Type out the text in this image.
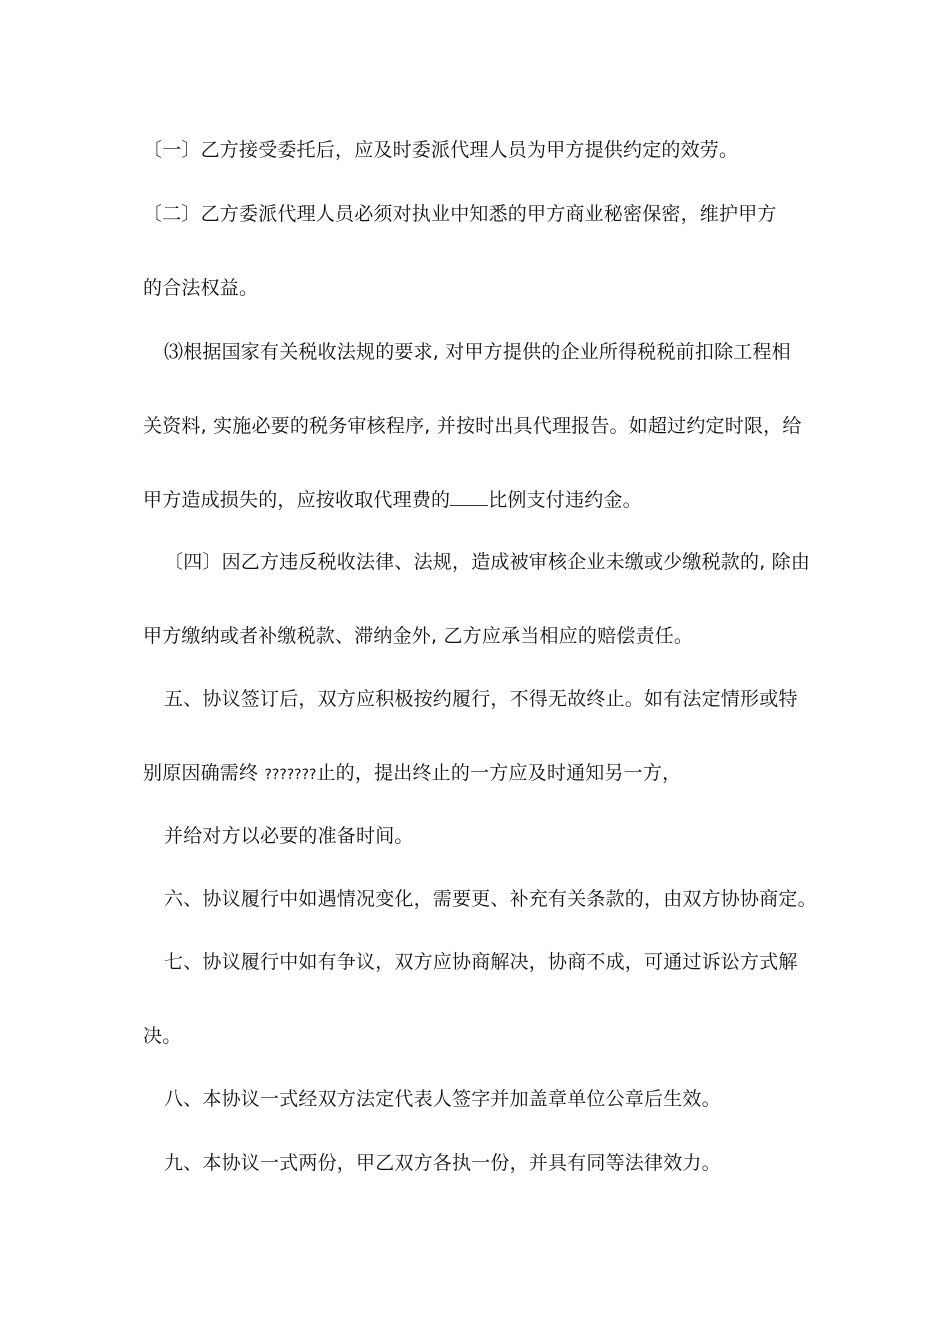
〔一〕乙方接受委托后，应及时委派代理人员为甲方提供约定的效劳。
〔二〕乙方委派代理人员必须对执业中知悉的甲方商业秘密保密，维护甲方
的合法权益。
⑶根据国家有关税收法规的要求, 对甲方提供的企业所得税税前扣除工程相
关资料, 实施必要的税务审核程序, 并按时出具代理报告。如超过约定时限，给
甲方造成损失的，应按收取代理费的 比例支付违约金。
〔四〕因乙方违反税收法律、法规，造成被审核企业未缴或少缴税款的, 除由
甲方缴纳或者补缴税款、滞纳金外, 乙方应承当相应的赔偿责任。
五、协议签订后，双方应积极按约履行，不得无故终止。如有法定情形或特
别原因确需终 ???????止的，提出终止的一方应及时通知另一方，
并给对方以必要的准备时间。
六、协议履行中如遇情况变化，需要更、补充有关条款的，由双方协协商定。
七、协议履行中如有争议，双方应协商解决，协商不成，可通过诉讼方式解
决。
八、本协议一式经双方法定代表人签字并加盖章单位公章后生效。
九、本协议一式两份，甲乙双方各执一份，并具有同等法律效力。
